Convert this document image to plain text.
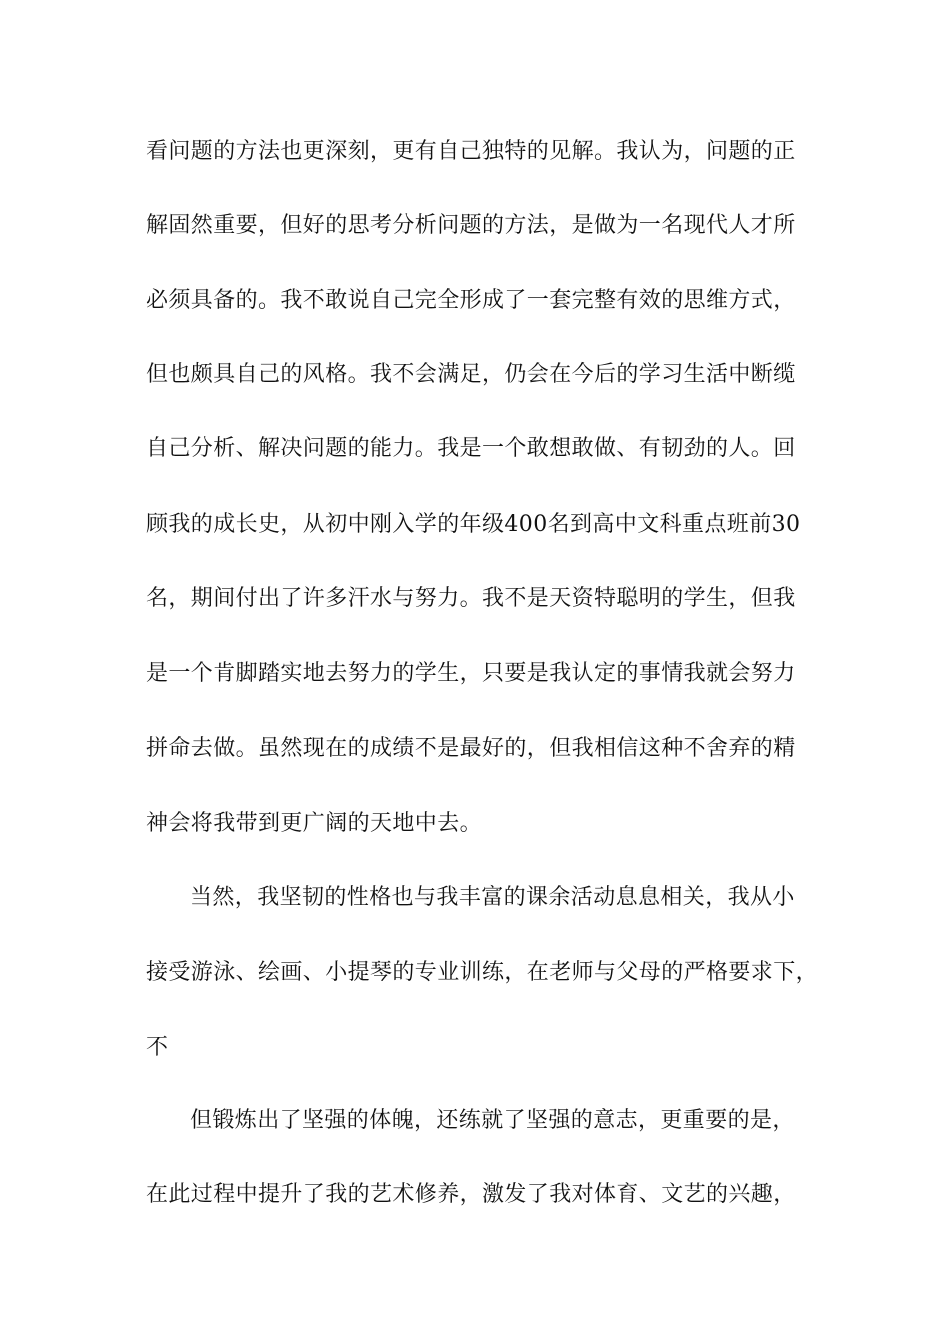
看问题的方法也更深刻，更有自己独特的见解。我认为，问题的正
解固然重要，但好的思考分析问题的方法，是做为一名现代人才所
必须具备的。我不敢说自己完全形成了一套完整有效的思维方式，
但也颇具自己的风格。我不会满足，仍会在今后的学习生活中断缆
自己分析、解决问题的能力。我是一个敢想敢做、有韧劲的人。回
顾我的成长史，从初中刚入学的年级400名到高中文科重点班前30
名，期间付出了许多汗水与努力。我不是天资特聪明的学生，但我
是一个肯脚踏实地去努力的学生，只要是我认定的事情我就会努力
拼命去做。虽然现在的成绩不是最好的，但我相信这种不舍弃的精
神会将我带到更广阔的天地中去。
当然，我坚韧的性格也与我丰富的课余活动息息相关，我从小
接受游泳、绘画、小提琴的专业训练，在老师与父母的严格要求下，
不
但锻炼出了坚强的体魄，还练就了坚强的意志，更重要的是，
在此过程中提升了我的艺术修养，激发了我对体育、文艺的兴趣，
